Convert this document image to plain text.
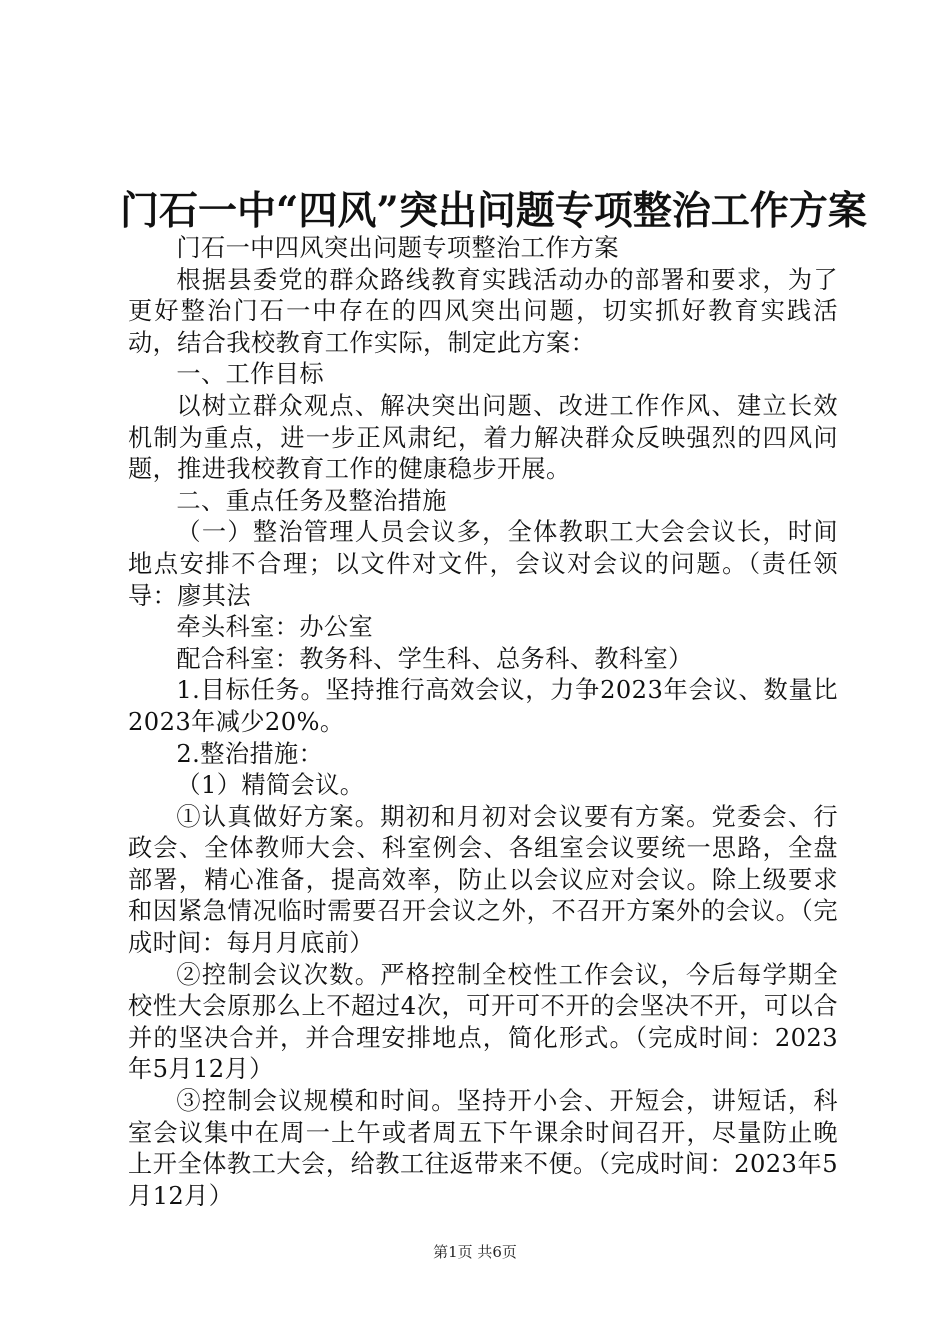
门石一中“四风”突出问题专项整治工作方案

门石一中四风突出问题专项整治工作方案

根据县委党的群众路线教育实践活动办的部署和要求，为了更好整治门石一中存在的四风突出问题，切实抓好教育实践活动，结合我校教育工作实际，制定此方案：

一、工作目标

以树立群众观点、解决突出问题、改进工作作风、建立长效机制为重点，进一步正风肃纪，着力解决群众反映强烈的四风问题，推进我校教育工作的健康稳步开展。

二、重点任务及整治措施

（一）整治管理人员会议多，全体教职工大会会议长，时间地点安排不合理；以文件对文件，会议对会议的问题。（责任领导：廖其法

牵头科室：办公室

配合科室：教务科、学生科、总务科、教科室）

1.目标任务。坚持推行高效会议，力争2023年会议、数量比2023年减少20%。

2.整治措施：

（1）精简会议。

①认真做好方案。期初和月初对会议要有方案。党委会、行政会、全体教师大会、科室例会、各组室会议要统一思路，全盘部署，精心准备，提高效率，防止以会议应对会议。除上级要求和因紧急情况临时需要召开会议之外，不召开方案外的会议。（完成时间：每月月底前）

②控制会议次数。严格控制全校性工作会议，今后每学期全校性大会原那么上不超过4次，可开可不开的会坚决不开，可以合并的坚决合并，并合理安排地点，简化形式。（完成时间：2023年5月12月）

③控制会议规模和时间。坚持开小会、开短会，讲短话，科室会议集中在周一上午或者周五下午课余时间召开，尽量防止晚上开全体教工大会，给教工往返带来不便。（完成时间：2023年5月12月）

第1页 共6页
